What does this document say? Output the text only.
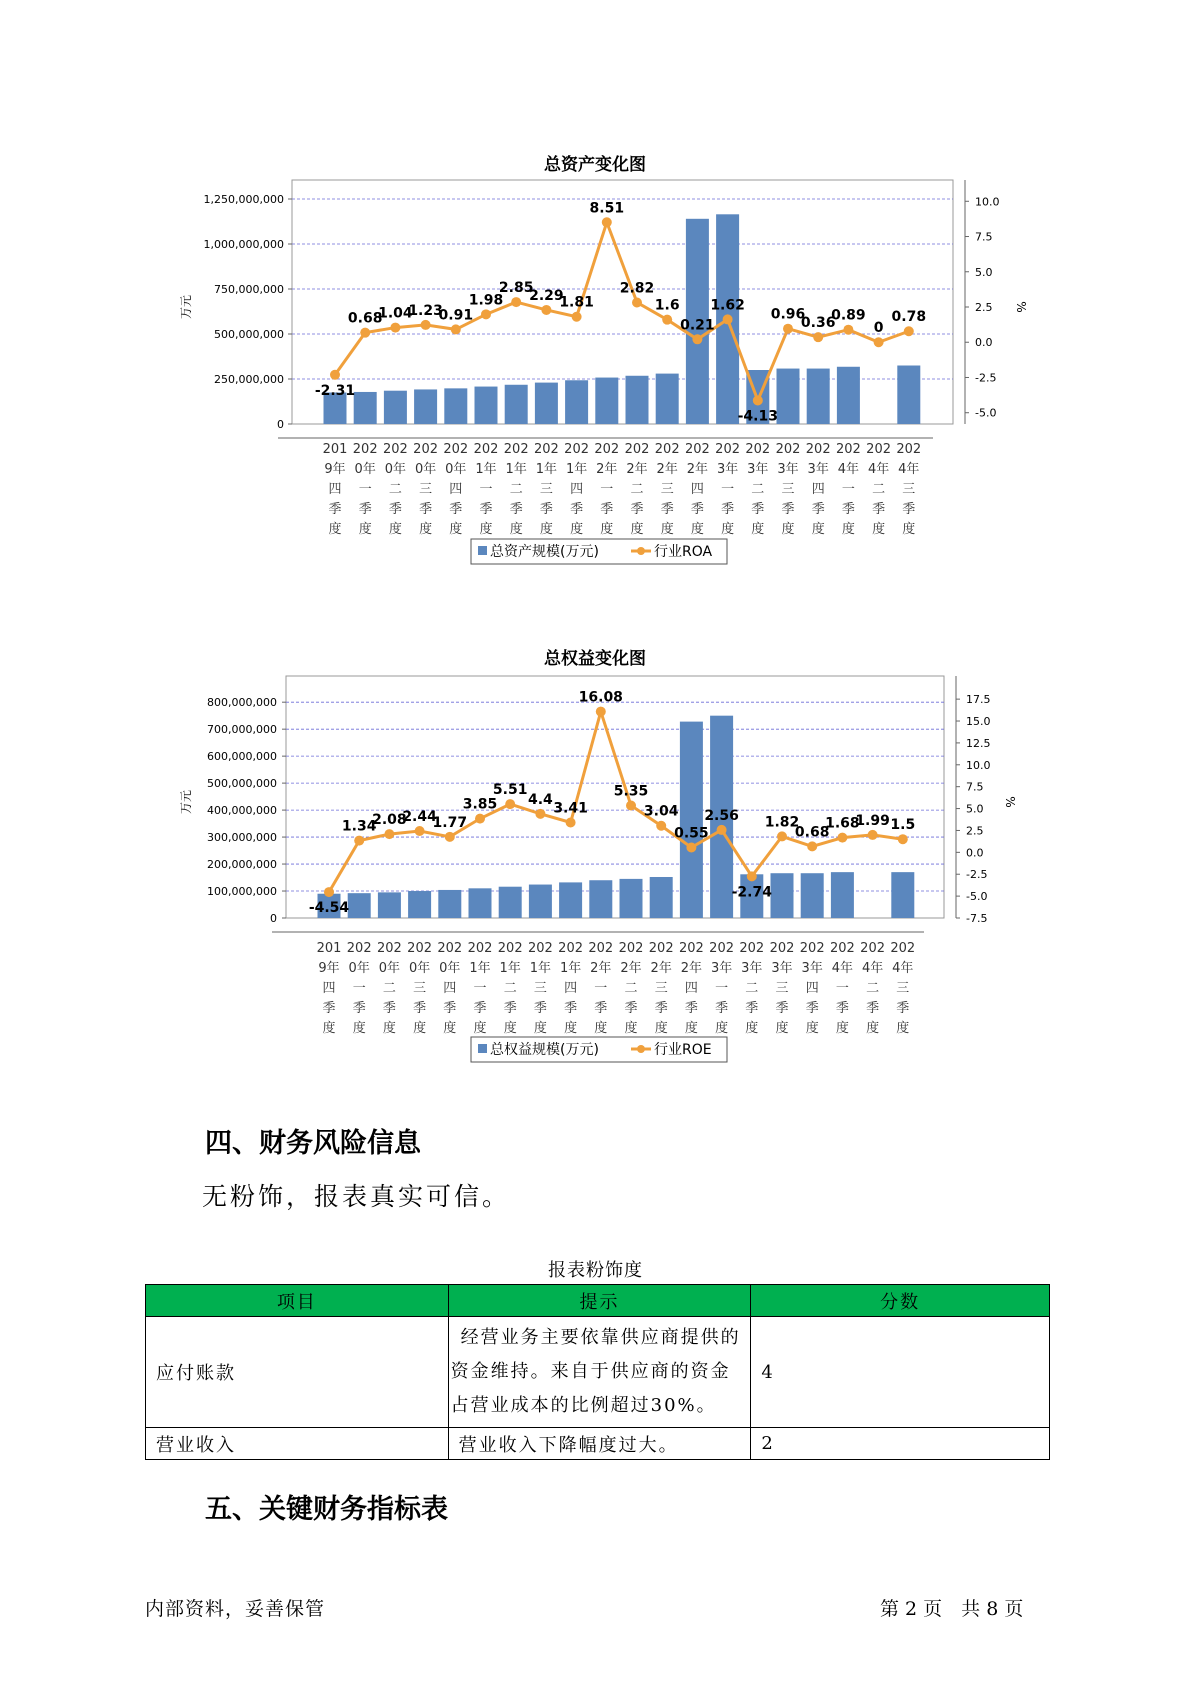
总资产变化图
0
250,000,000
500,000,000
750,000,000
1,000,000,000
1,250,000,000
-5.0
-2.5
0.0
2.5
5.0
7.5
10.0
万元	%
-2.31
0.68
1.04
1.23
0.91
1.98
2.85
2.29
1.81
8.51
2.82
1.6
0.21
1.62
-4.13
0.96
0.36
0.89
0
0.78
201
9年
四
季
度
202
0年
一
季
度
202
0年
二
季
度
202
0年
三
季
度
202
0年
四
季
度
202
1年
一
季
度
202
1年
二
季
度
202
1年
三
季
度
202
1年
四
季
度
202
2年
一
季
度
202
2年
二
季
度
202
2年
三
季
度
202
2年
四
季
度
202
3年
一
季
度
202
3年
二
季
度
202
3年
三
季
度
202
3年
四
季
度
202
4年
一
季
度
202
4年
二
季
度
202
4年
三
季
度
总资产规模(万元)	行业ROA
总权益变化图
0
100,000,000
200,000,000
300,000,000
400,000,000
500,000,000
600,000,000
700,000,000
800,000,000
-7.5
-5.0
-2.5
0.0
2.5
5.0
7.5
10.0
12.5
15.0
17.5
万元	%
-4.54
1.34
2.08
2.44
1.77
3.85
5.51
4.4
3.41
16.08
5.35
3.04
0.55
2.56
-2.74
1.82
0.68
1.68
1.99 1.5
201
9年
四
季
度
202
0年
一
季
度
202
0年
二
季
度
202
0年
三
季
度
202
0年
四
季
度
202
1年
一
季
度
202
1年
二
季
度
202
1年
三
季
度
202
1年
四
季
度
202
2年
一
季
度
202
2年
二
季
度
202
2年
三
季
度
202
2年
四
季
度
202
3年
一
季
度
202
3年
二
季
度
202
3年
三
季
度
202
3年
四
季
度
202
4年
一
季
度
202
4年
二
季
度
202
4年
三
季
度
总权益规模(万元)	行业ROE
四、财务风险信息

无粉饰，报表真实可信。

报表粉饰度
项目	提示	分数
应付账款	经营业务主要依靠供应商提供的资金维持。来自于供应商的资金占营业成本的比例超过30%。	4
营业收入	营业收入下降幅度过大。	2
五、关键财务指标表
内部资料，妥善保管	第 2 页　共 8 页
